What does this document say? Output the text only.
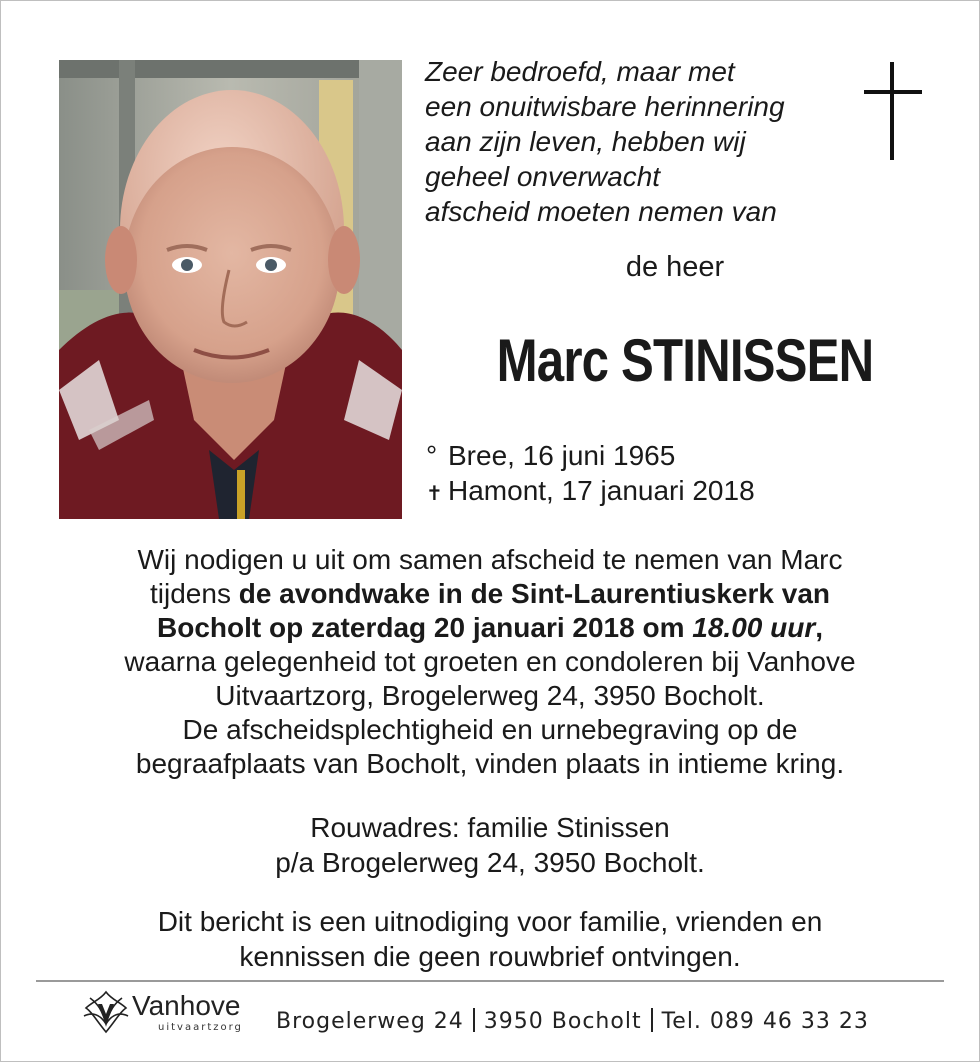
Zeer bedroefd, maar met
een onuitwisbare herinnering
aan zijn leven, hebben wij
geheel onverwacht
afscheid moeten nemen van
de heer
Marc STINISSEN
° Bree, 16 juni 1965
✝ Hamont, 17 januari 2018
Wij nodigen u uit om samen afscheid te nemen van Marc
tijdens de avondwake in de Sint-Laurentiuskerk van
Bocholt op zaterdag 20 januari 2018 om 18.00 uur,
waarna gelegenheid tot groeten en condoleren bij Vanhove
Uitvaartzorg, Brogelerweg 24, 3950 Bocholt.
De afscheidsplechtigheid en urnebegraving op de
begraafplaats van Bocholt, vinden plaats in intieme kring.
Rouwadres: familie Stinissen
p/a Brogelerweg 24, 3950 Bocholt.
Dit bericht is een uitnodiging voor familie, vrienden en
kennissen die geen rouwbrief ontvingen.
Vanhove
uitvaartzorg Brogelerweg 24 3950 Bocholt Tel. 089 46 33 23
